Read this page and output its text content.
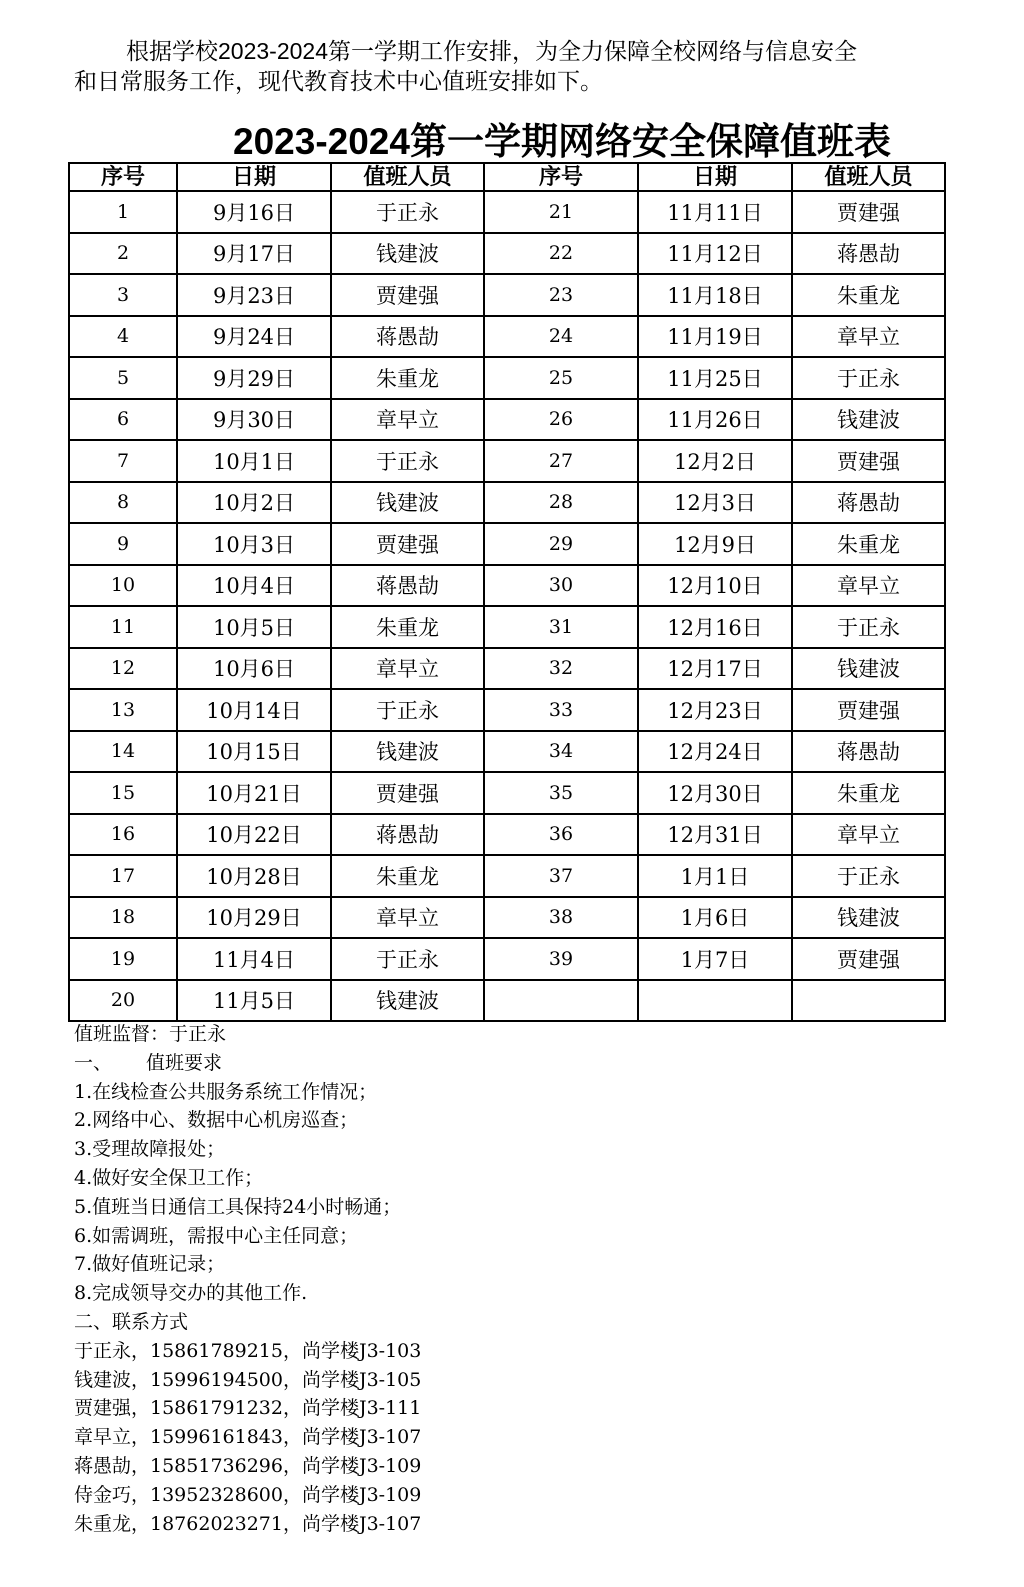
根据学校2023-2024第一学期工作安排，为全力保障全校网络与信息安全
和日常服务工作，现代教育技术中心值班安排如下。
2023-2024第一学期网络安全保障值班表
序号	日期	值班人员	序号	日期	值班人员
1	9月16日	于正永	21	11月11日	贾建强
2	9月17日	钱建波	22	11月12日	蒋愚劼
3	9月23日	贾建强	23	11月18日	朱重龙
4	9月24日	蒋愚劼	24	11月19日	章早立
5	9月29日	朱重龙	25	11月25日	于正永
6	9月30日	章早立	26	11月26日	钱建波
7	10月1日	于正永	27	12月2日	贾建强
8	10月2日	钱建波	28	12月3日	蒋愚劼
9	10月3日	贾建强	29	12月9日	朱重龙
10	10月4日	蒋愚劼	30	12月10日	章早立
11	10月5日	朱重龙	31	12月16日	于正永
12	10月6日	章早立	32	12月17日	钱建波
13	10月14日	于正永	33	12月23日	贾建强
14	10月15日	钱建波	34	12月24日	蒋愚劼
15	10月21日	贾建强	35	12月30日	朱重龙
16	10月22日	蒋愚劼	36	12月31日	章早立
17	10月28日	朱重龙	37	1月1日	于正永
18	10月29日	章早立	38	1月6日	钱建波
19	11月4日	于正永	39	1月7日	贾建强
20	11月5日	钱建波			
值班监督：于正永
一、 值班要求
1.在线检查公共服务系统工作情况；
2.网络中心、数据中心机房巡查；
3.受理故障报处；
4.做好安全保卫工作；
5.值班当日通信工具保持24小时畅通；
6.如需调班，需报中心主任同意；
7.做好值班记录；
8.完成领导交办的其他工作.
二、联系方式
于正永，15861789215，尚学楼J3-103
钱建波，15996194500，尚学楼J3-105
贾建强，15861791232，尚学楼J3-111
章早立，15996161843，尚学楼J3-107
蒋愚劼，15851736296，尚学楼J3-109
侍金巧，13952328600，尚学楼J3-109
朱重龙，18762023271，尚学楼J3-107
